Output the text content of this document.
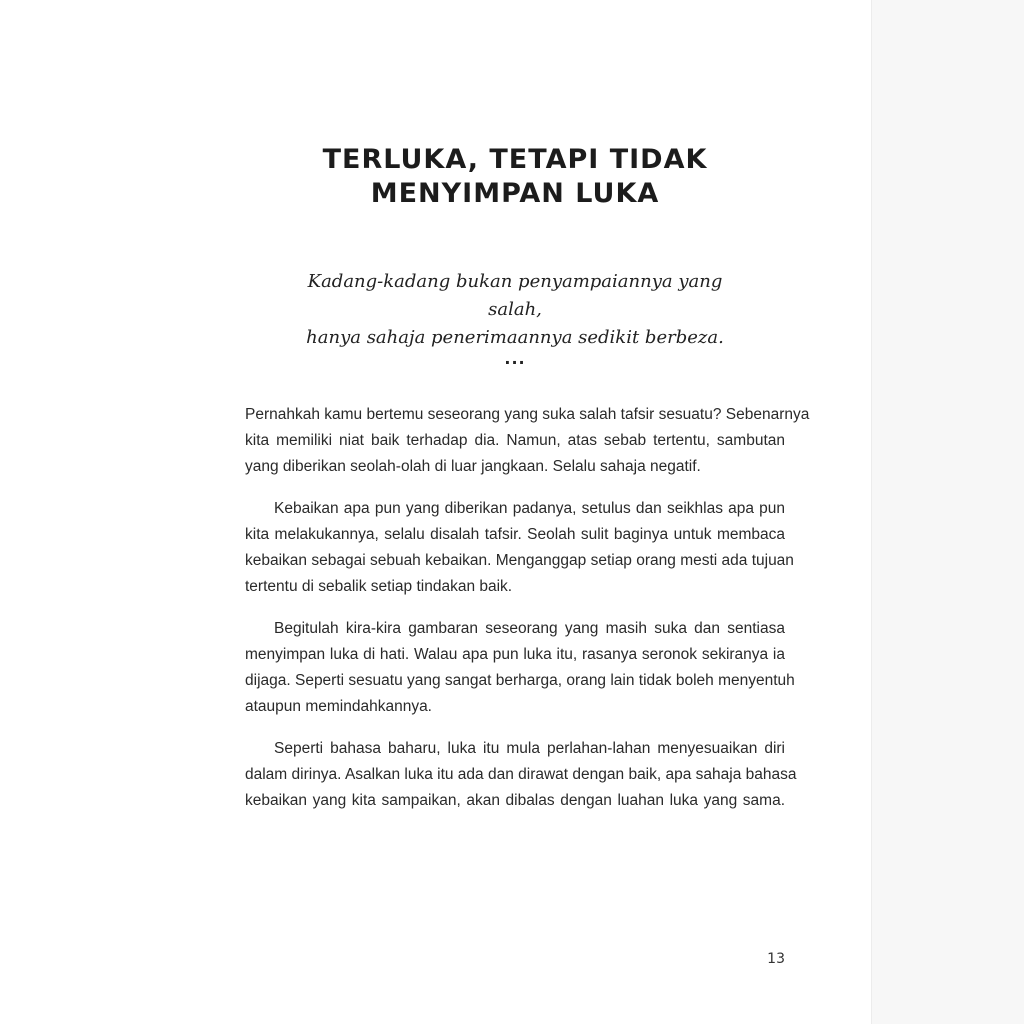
TERLUKA, TETAPI TIDAK
MENYIMPAN LUKA
Kadang-kadang bukan penyampaiannya yang salah,
hanya sahaja penerimaannya sedikit berbeza.
...

Pernahkah kamu bertemu seseorang yang suka salah tafsir sesuatu? Sebenarnya
kita memiliki niat baik terhadap dia. Namun, atas sebab tertentu, sambutan
yang diberikan seolah-olah di luar jangkaan. Selalu sahaja negatif.

Kebaikan apa pun yang diberikan padanya, setulus dan seikhlas apa pun
kita melakukannya, selalu disalah tafsir. Seolah sulit baginya untuk membaca
kebaikan sebagai sebuah kebaikan. Menganggap setiap orang mesti ada tujuan
tertentu di sebalik setiap tindakan baik.

Begitulah kira-kira gambaran seseorang yang masih suka dan sentiasa
menyimpan luka di hati. Walau apa pun luka itu, rasanya seronok sekiranya ia
dijaga. Seperti sesuatu yang sangat berharga, orang lain tidak boleh menyentuh
ataupun memindahkannya.

Seperti bahasa baharu, luka itu mula perlahan-lahan menyesuaikan diri
dalam dirinya. Asalkan luka itu ada dan dirawat dengan baik, apa sahaja bahasa
kebaikan yang kita sampaikan, akan dibalas dengan luahan luka yang sama.

13
